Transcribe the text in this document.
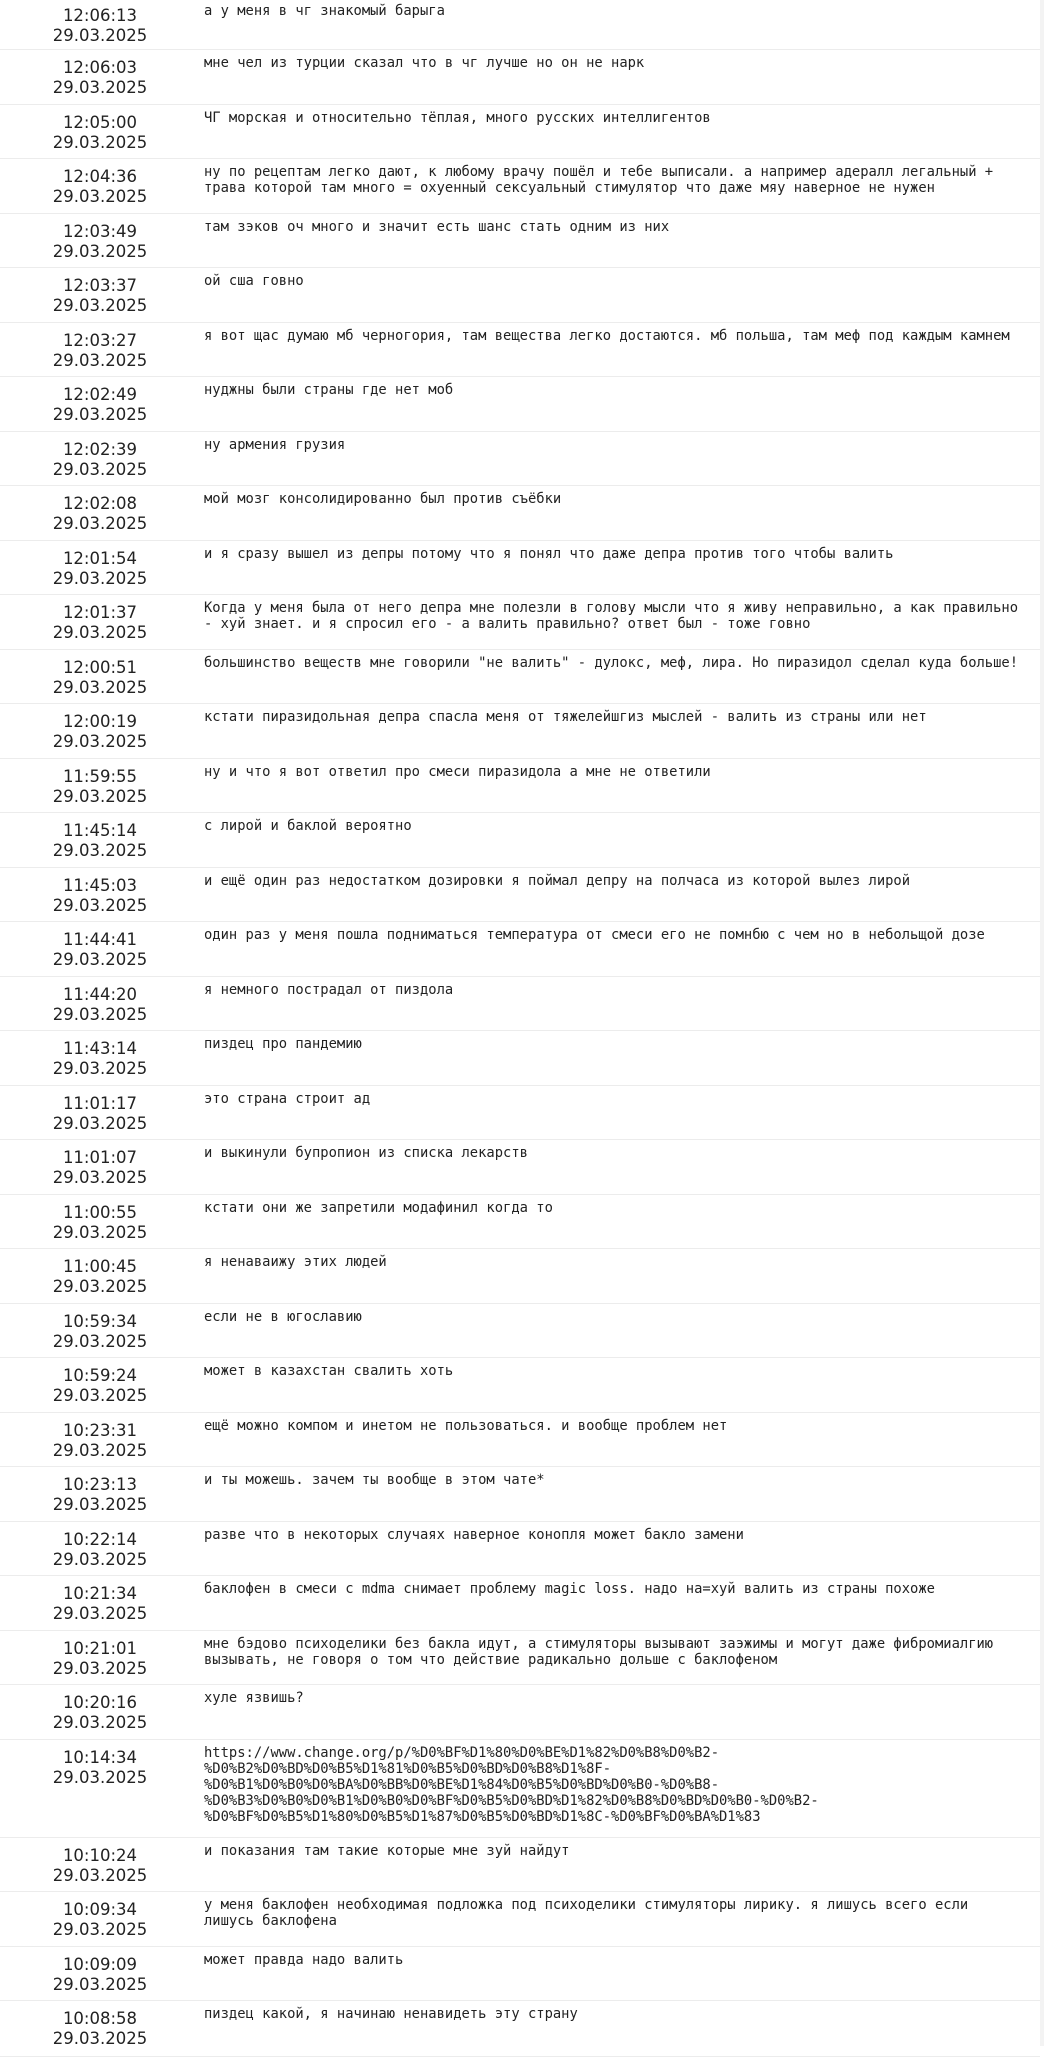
12:06:13
29.03.2025
а у меня в чг знакомый барыга
12:06:03
29.03.2025
мне чел из турции сказал что в чг лучше но он не нарк
12:05:00
29.03.2025
ЧГ морская и относительно тёплая, много русских интеллигентов
12:04:36
29.03.2025
ну по рецептам легко дают, к любому врачу пошёл и тебе выписали. а например адералл легальный +
трава которой там много = охуенный сексуальный стимулятор что даже мяу наверное не нужен
12:03:49
29.03.2025
там зэков оч много и значит есть шанс стать одним из них
12:03:37
29.03.2025
ой сша говно
12:03:27
29.03.2025
я вот щас думаю мб черногория, там вещества легко достаются. мб польша, там меф под каждым камнем
12:02:49
29.03.2025
нуджны были страны где нет моб
12:02:39
29.03.2025
ну армения грузия
12:02:08
29.03.2025
мой мозг консолидированно был против съёбки
12:01:54
29.03.2025
и я сразу вышел из депры потому что я понял что даже депра против того чтобы валить
12:01:37
29.03.2025
Когда у меня была от него депра мне полезли в голову мысли что я живу неправильно, а как правильно
- хуй знает. и я спросил его - а валить правильно? ответ был - тоже говно
12:00:51
29.03.2025
большинство веществ мне говорили "не валить" - дулокс, меф, лира. Но пиразидол сделал куда больше!
12:00:19
29.03.2025
кстати пиразидольная депра спасла меня от тяжелейшгиз мыслей - валить из страны или нет
11:59:55
29.03.2025
ну и что я вот ответил про смеси пиразидола а мне не ответили
11:45:14
29.03.2025
с лирой и баклой вероятно
11:45:03
29.03.2025
и ещё один раз недостатком дозировки я поймал депру на полчаса из которой вылез лирой
11:44:41
29.03.2025
один раз у меня пошла подниматься температура от смеси его не помнбю с чем но в небольщой дозе
11:44:20
29.03.2025
я немного пострадал от пиздола
11:43:14
29.03.2025
пиздец про пандемию
11:01:17
29.03.2025
это страна строит ад
11:01:07
29.03.2025
и выкинули бупропион из списка лекарств
11:00:55
29.03.2025
кстати они же запретили модафинил когда то
11:00:45
29.03.2025
я ненаваижу этих людей
10:59:34
29.03.2025
если не в югославию
10:59:24
29.03.2025
может в казахстан свалить хоть
10:23:31
29.03.2025
ещё можно компом и инетом не пользоваться. и вообще проблем нет
10:23:13
29.03.2025
и ты можешь. зачем ты вообще в этом чате*
10:22:14
29.03.2025
разве что в некоторых случаях наверное конопля может бакло замени
10:21:34
29.03.2025
баклофен в смеси с mdma снимает проблему magic loss. надо на=хуй валить из страны похоже
10:21:01
29.03.2025
мне бэдово психоделики без бакла идут, а стимуляторы вызывают заэжимы и могут даже фибромиалгию
вызывать, не говоря о том что действие радикально дольше с баклофеном
10:20:16
29.03.2025
хуле язвишь?
10:14:34
29.03.2025
https://www.change.org/p/%D0%BF%D1%80%D0%BE%D1%82%D0%B8%D0%B2-
%D0%B2%D0%BD%D0%B5%D1%81%D0%B5%D0%BD%D0%B8%D1%8F-
%D0%B1%D0%B0%D0%BA%D0%BB%D0%BE%D1%84%D0%B5%D0%BD%D0%B0-%D0%B8-
%D0%B3%D0%B0%D0%B1%D0%B0%D0%BF%D0%B5%D0%BD%D1%82%D0%B8%D0%BD%D0%B0-%D0%B2-
%D0%BF%D0%B5%D1%80%D0%B5%D1%87%D0%B5%D0%BD%D1%8C-%D0%BF%D0%BA%D1%83
10:10:24
29.03.2025
и показания там такие которые мне зуй найдут
10:09:34
29.03.2025
у меня баклофен необходимая подложка под психоделики стимуляторы лирику. я лишусь всего если
лишусь баклофена
10:09:09
29.03.2025
может правда надо валить
10:08:58
29.03.2025
пиздец какой, я начинаю ненавидеть эту страну
